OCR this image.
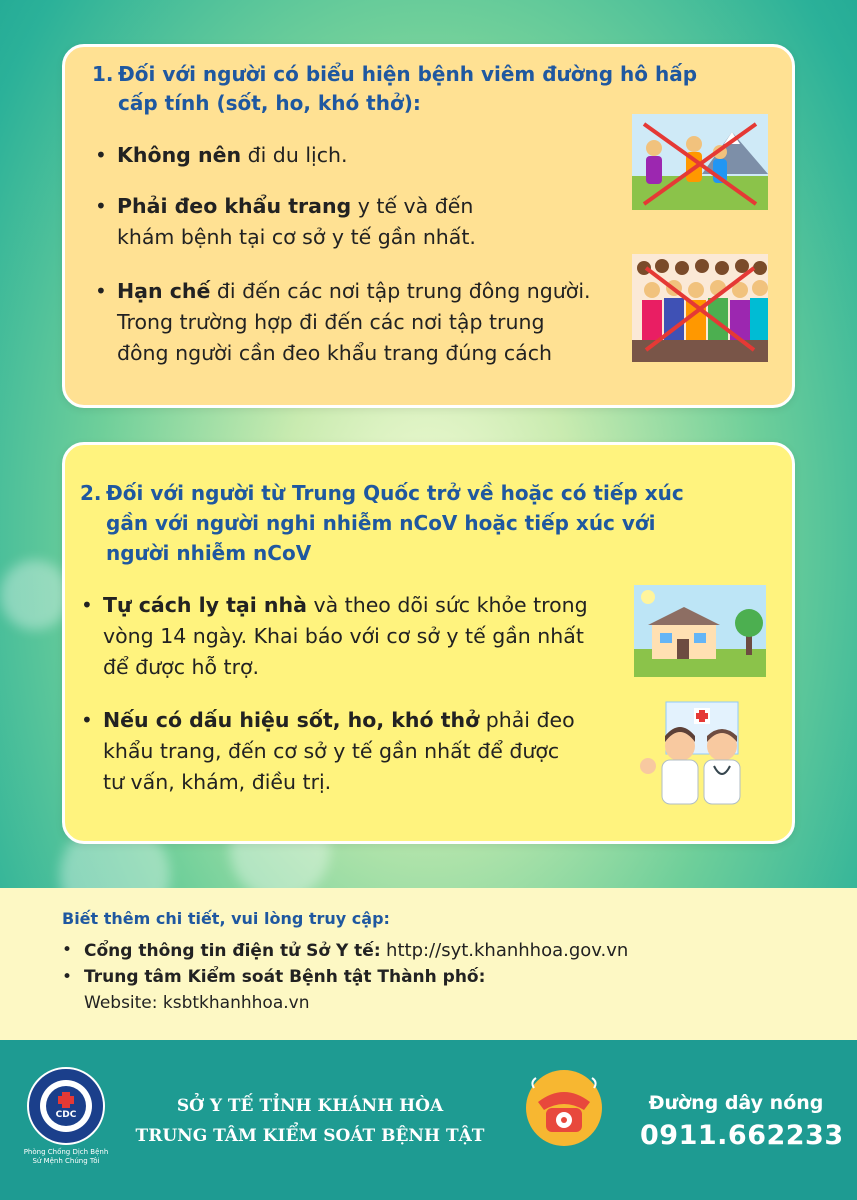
1. Đối với người có biểu hiện bệnh viêm đường hô hấp
cấp tính (sốt, ho, khó thở):
• Không nên đi du lịch.
• Phải đeo khẩu trang y tế và đến
khám bệnh tại cơ sở y tế gần nhất.
• Hạn chế đi đến các nơi tập trung đông người.
Trong trường hợp đi đến các nơi tập trung
đông người cần đeo khẩu trang đúng cách
2. Đối với người từ Trung Quốc trở về hoặc có tiếp xúc
gần với người nghi nhiễm nCoV hoặc tiếp xúc với
người nhiễm nCoV
• Tự cách ly tại nhà và theo dõi sức khỏe trong
vòng 14 ngày. Khai báo với cơ sở y tế gần nhất
để được hỗ trợ.
• Nếu có dấu hiệu sốt, ho, khó thở phải đeo
khẩu trang, đến cơ sở y tế gần nhất để được
tư vấn, khám, điều trị.
Biết thêm chi tiết, vui lòng truy cập:
• Cổng thông tin điện tử Sở Y tế: http://syt.khanhhoa.gov.vn
• Trung tâm Kiểm soát Bệnh tật Thành phố:
Website: ksbtkhanhhoa.vn
CDC
Phòng Chống Dịch Bệnh
Sứ Mệnh Chúng Tôi
SỞ Y TẾ TỈNH KHÁNH HÒA
TRUNG TÂM KIỂM SOÁT BỆNH TẬT
Đường dây nóng
0911.662233
